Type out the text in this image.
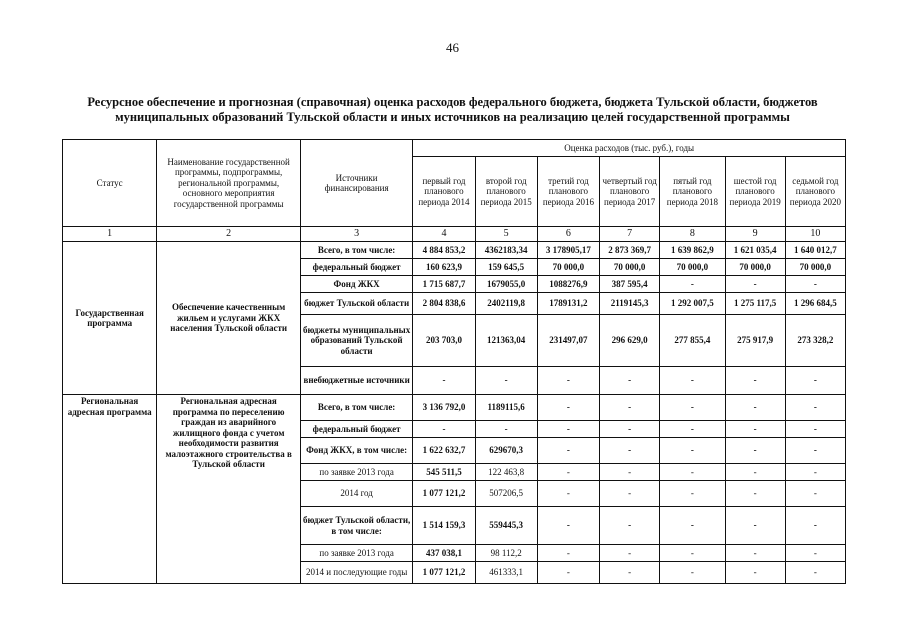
46
Ресурсное обеспечение и прогнозная (справочная) оценка расходов федерального бюджета, бюджета Тульской области, бюджетов
муниципальных образований Тульской области и иных источников на реализацию целей государственной программы
Статус	Наименование государственной программы, подпрограммы, региональной программы, основного мероприятия государственной программы	Источники финансирования	Оценка расходов (тыс. руб.), годы						
			первый год планового периода 2014	второй год планового периода 2015	третий год планового периода 2016	четвертый год планового периода 2017	пятый год планового периода 2018	шестой год планового периода 2019	седьмой год планового периода 2020
1	2	3	4	5	6	7	8	9	10
Государственная программа	Обеспечение качественным жильем и услугами ЖКХ населения Тульской области	Всего, в том числе:	4 884 853,2	4362183,34	3 178905,17	2 873 369,7	1 639 862,9	1 621 035,4	1 640 012,7
		федеральный бюджет	160 623,9	159 645,5	70 000,0	70 000,0	70 000,0	70 000,0	70 000,0
		Фонд ЖКХ	1 715 687,7	1679055,0	1088276,9	387 595,4	-	-	-
		бюджет Тульской области	2 804 838,6	2402119,8	1789131,2	2119145,3	1 292 007,5	1 275 117,5	1 296 684,5
		бюджеты муниципальных образований Тульской области	203 703,0	121363,04	231497,07	296 629,0	277 855,4	275 917,9	273 328,2
		внебюджетные источники	-	-	-	-	-	-	-
Региональная адресная программа	Региональная адресная программа по переселению граждан из аварийного жилищного фонда с учетом необходимости развития малоэтажного строительства в Тульской области	Всего, в том числе:	3 136 792,0	1189115,6	-	-	-	-	-
		федеральный бюджет	-	-	-	-	-	-	-
		Фонд ЖКХ, в том числе:	1 622 632,7	629670,3	-	-	-	-	-
		по заявке 2013 года	545 511,5	122 463,8	-	-	-	-	-
		2014 год	1 077 121,2	507206,5	-	-	-	-	-
		бюджет Тульской области, в том числе:	1 514 159,3	559445,3	-	-	-	-	-
		по заявке 2013 года	437 038,1	98 112,2	-	-	-	-	-
		2014 и последующие годы	1 077 121,2	461333,1	-	-	-	-	-
